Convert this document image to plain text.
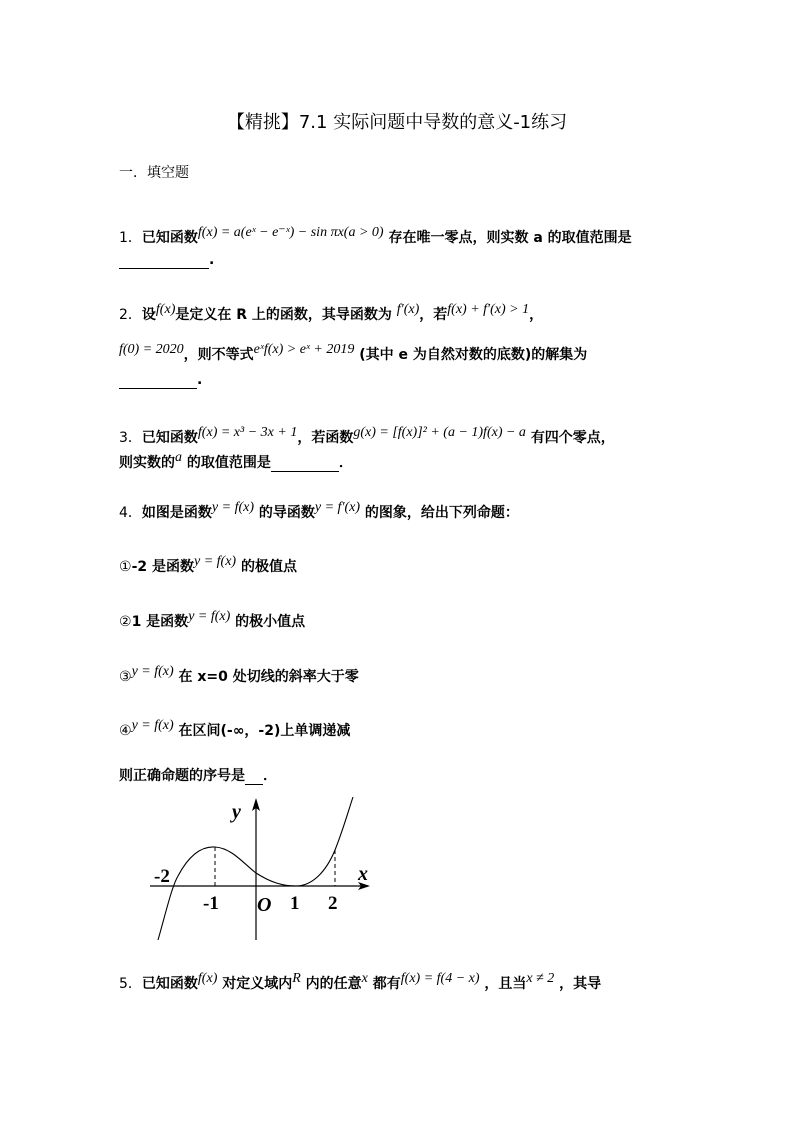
【精挑】7.1 实际问题中导数的意义-1练习
一．填空题
1．已知函数f(x) = a(eˣ − e⁻ˣ) − sin πx(a > 0) 存在唯一零点，则实数 a 的取值范围是
.
2．设f(x)是定义在 R 上的函数，其导函数为 f′(x)，若f(x) + f′(x) > 1，
f(0) = 2020，则不等式eˣf(x) > eˣ + 2019 (其中 e 为自然对数的底数)的解集为
.
3．已知函数f(x) = x³ − 3x + 1，若函数g(x) = [f(x)]² + (a − 1)f(x) − a 有四个零点，
则实数的a 的取值范围是	．
4．如图是函数y = f(x) 的导函数y = f′(x) 的图象，给出下列命题：
①-2 是函数y = f(x) 的极值点
②1 是函数y = f(x) 的极小值点
③y = f(x) 在 x=0 处切线的斜率大于零
④y = f(x) 在区间(-∞，-2)上单调递减
则正确命题的序号是 ．
y
x
O
-2
-1	1 2
5．已知函数f(x) 对定义域内R 内的任意x 都有f(x) = f(4 − x) ，且当x ≠ 2 ，其导
